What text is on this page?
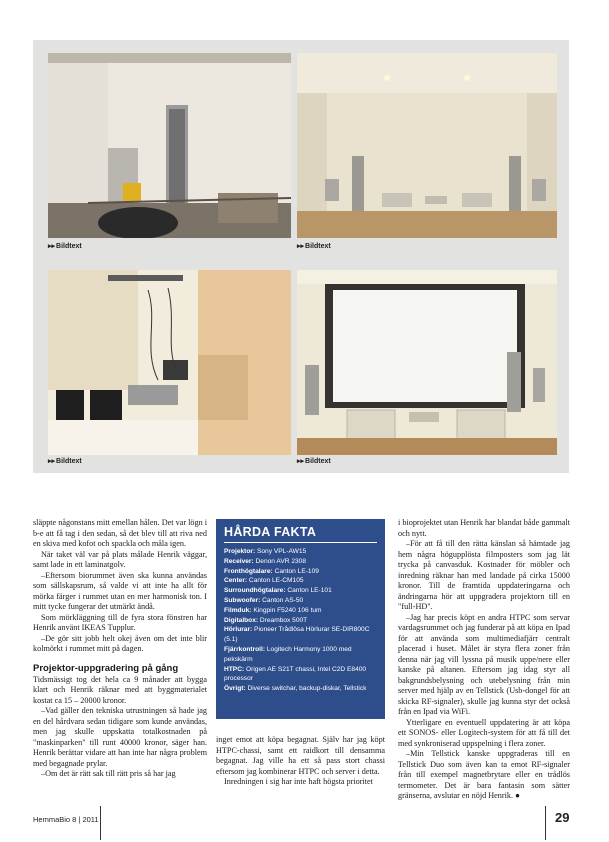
▸▸Bildtext	▸▸Bildtext
▸▸Bildtext	▸▸Bildtext

släppte någonstans mitt emellan hålen. Det var lögn i b-e att få tag i den sedan, så det blev till att riva ned en skiva med kofot och spackla och måla igen.

När taket väl var på plats målade Henrik väggar, samt lade in ett laminatgolv.

–Eftersom biorummet även ska kunna användas som sällskapsrum, så valde vi att inte ha allt för mörka färger i rummet utan en mer harmonisk ton. I mitt tycke fungerar det utmärkt ändå.

Som mörkläggning till de fyra stora fönstren har Henrik använt IKEAS Tupplur.

–De gör sitt jobb helt okej även om det inte blir kolmörkt i rummet mitt på dagen.

Projektor-uppgradering på gång

Tidsmässigt tog det hela ca 9 månader att bygga klart och Henrik räknar med att byggmaterialet kostat ca 15 – 20000 kronor.

–Vad gäller den tekniska utrustningen så hade jag en del hårdvara sedan tidigare som kunde användas, men jag skulle uppskatta totalkostnaden på "maskinparken" till runt 40000 kronor, säger han. Henrik berättar vidare att han inte har några problem med begagnade prylar.

–Om det är rätt sak till rätt pris så har jag

HÅRDA FAKTA
Projektor: Sony VPL-AW15
Receiver: Denon AVR 2308
Fronthögtalare: Canton LE-109
Center: Canton LE-CM105
Surroundhögtalare: Canton LE-101
Subwoofer: Canton AS-50
Filmduk: Kingpin F5240 106 tum
Digitalbox: Dreambox 500T
Hörlurar: Pioneer Trådlösa Hörlurar SE-DIR800C (5.1)
Fjärrkontroll: Logitech Harmony 1000 med pekskärm
HTPC: Origen AE S21T chassi, Intel C2D E8400 processor
Övrigt: Diverse switchar, backup-diskar, Tellstick

inget emot att köpa begagnat. Själv har jag köpt HTPC-chassi, samt ett raidkort till densamma begagnat. Jag ville ha ett så pass stort chassi eftersom jag kombinerar HTPC och server i detta.

Inredningen i sig har inte haft högsta prioritet

i bioprojektet utan Henrik har blandat både gammalt och nytt.

–För att få till den rätta känslan så hämtade jag hem några högupplösta filmposters som jag lät trycka på canvasduk. Kostnader för möbler och inredning räknar han med landade på cirka 15000 kronor. Till de framtida uppdateringarna och ändringarna hör att uppgradera projektorn till en "full-HD".

–Jag har precis köpt en andra HTPC som servar vardagsrummet och jag funderar på att köpa en Ipad för att använda som multimediafjärr centralt placerad i huset. Målet är styra flera zoner från denna när jag vill lyssna på musik uppe/nere eller kanske på altanen. Eftersom jag idag styr all bakgrundsbelysning och utebelysning från min server med hjälp av en Tellstick (Usb-dongel för att skicka RF-signaler), skulle jag kunna styr det också från en Ipad via WiFi.

Ytterligare en eventuell uppdatering är att köpa ett SONOS- eller Logitech-system för att få till det med synkroniserad uppspelning i flera zoner.

–Min Tellstick kanske uppgraderas till en Tellstick Duo som även kan ta emot RF-signaler från till exempel magnetbrytare eller en trådlös termometer. Det är bara fantasin som sätter gränserna, avslutar en nöjd Henrik. ●

HemmaBio 8 | 2011	29
